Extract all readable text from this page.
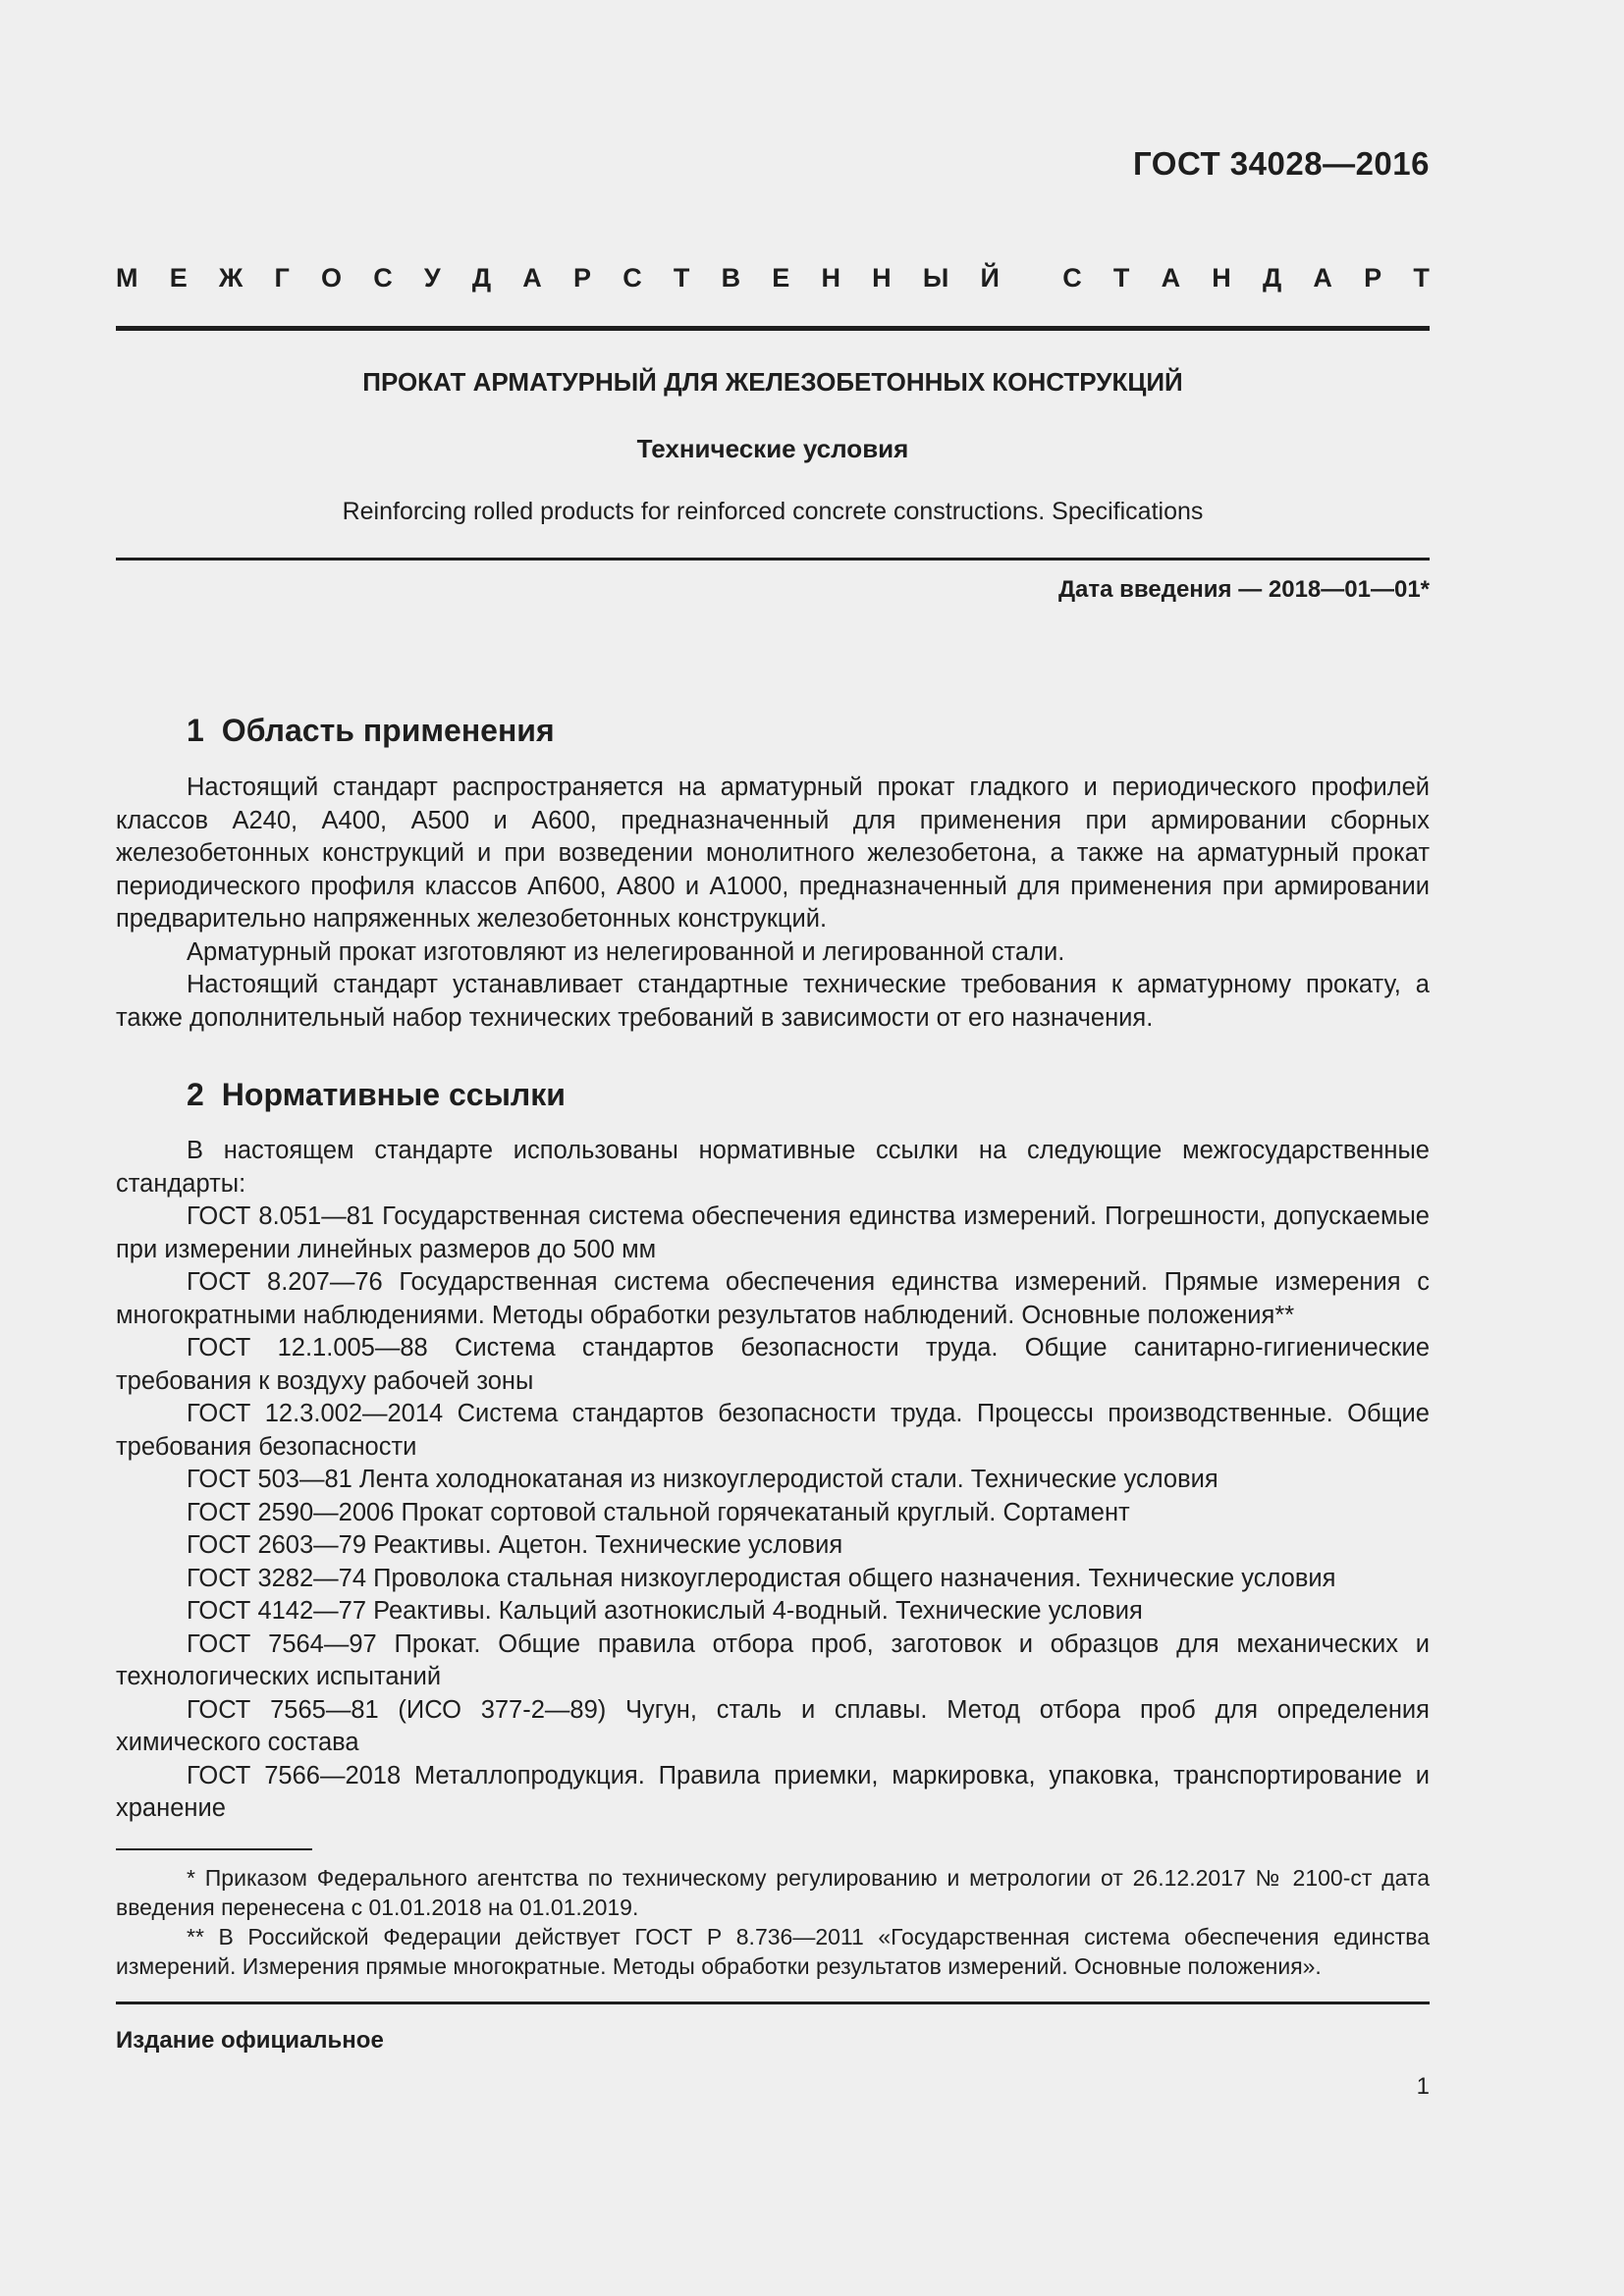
ГОСТ 34028—2016
М Е Ж Г О С У Д А Р С Т В Е Н Н Ы Й С Т А Н Д А Р Т
ПРОКАТ АРМАТУРНЫЙ ДЛЯ ЖЕЛЕЗОБЕТОННЫХ КОНСТРУКЦИЙ
Технические условия
Reinforcing rolled products for reinforced concrete constructions. Specifications
Дата введения — 2018—01—01*
1 Область применения

Настоящий стандарт распространяется на арматурный прокат гладкого и периодического профилей классов А240, А400, А500 и А600, предназначенный для применения при армировании сборных железобетонных конструкций и при возведении монолитного железобетона, а также на арматурный прокат периодического профиля классов Ап600, А800 и А1000, предназначенный для применения при армировании предварительно напряженных железобетонных конструкций.

Арматурный прокат изготовляют из нелегированной и легированной стали.

Настоящий стандарт устанавливает стандартные технические требования к арматурному прокату, а также дополнительный набор технических требований в зависимости от его назначения.

2 Нормативные ссылки

В настоящем стандарте использованы нормативные ссылки на следующие межгосударственные стандарты:

ГОСТ 8.051—81 Государственная система обеспечения единства измерений. Погрешности, допускаемые при измерении линейных размеров до 500 мм

ГОСТ 8.207—76 Государственная система обеспечения единства измерений. Прямые измерения с многократными наблюдениями. Методы обработки результатов наблюдений. Основные положения**

ГОСТ 12.1.005—88 Система стандартов безопасности труда. Общие санитарно-гигиенические требования к воздуху рабочей зоны

ГОСТ 12.3.002—2014 Система стандартов безопасности труда. Процессы производственные. Общие требования безопасности

ГОСТ 503—81 Лента холоднокатаная из низкоуглеродистой стали. Технические условия

ГОСТ 2590—2006 Прокат сортовой стальной горячекатаный круглый. Сортамент

ГОСТ 2603—79 Реактивы. Ацетон. Технические условия

ГОСТ 3282—74 Проволока стальная низкоуглеродистая общего назначения. Технические условия

ГОСТ 4142—77 Реактивы. Кальций азотнокислый 4-водный. Технические условия

ГОСТ 7564—97 Прокат. Общие правила отбора проб, заготовок и образцов для механических и технологических испытаний

ГОСТ 7565—81 (ИСО 377-2—89) Чугун, сталь и сплавы. Метод отбора проб для определения химического состава

ГОСТ 7566—2018 Металлопродукция. Правила приемки, маркировка, упаковка, транспортирование и хранение

* Приказом Федерального агентства по техническому регулированию и метрологии от 26.12.2017 № 2100-ст дата введения перенесена с 01.01.2018 на 01.01.2019.

** В Российской Федерации действует ГОСТ Р 8.736—2011 «Государственная система обеспечения единства измерений. Измерения прямые многократные. Методы обработки результатов измерений. Основные положения».

Издание официальное
1
